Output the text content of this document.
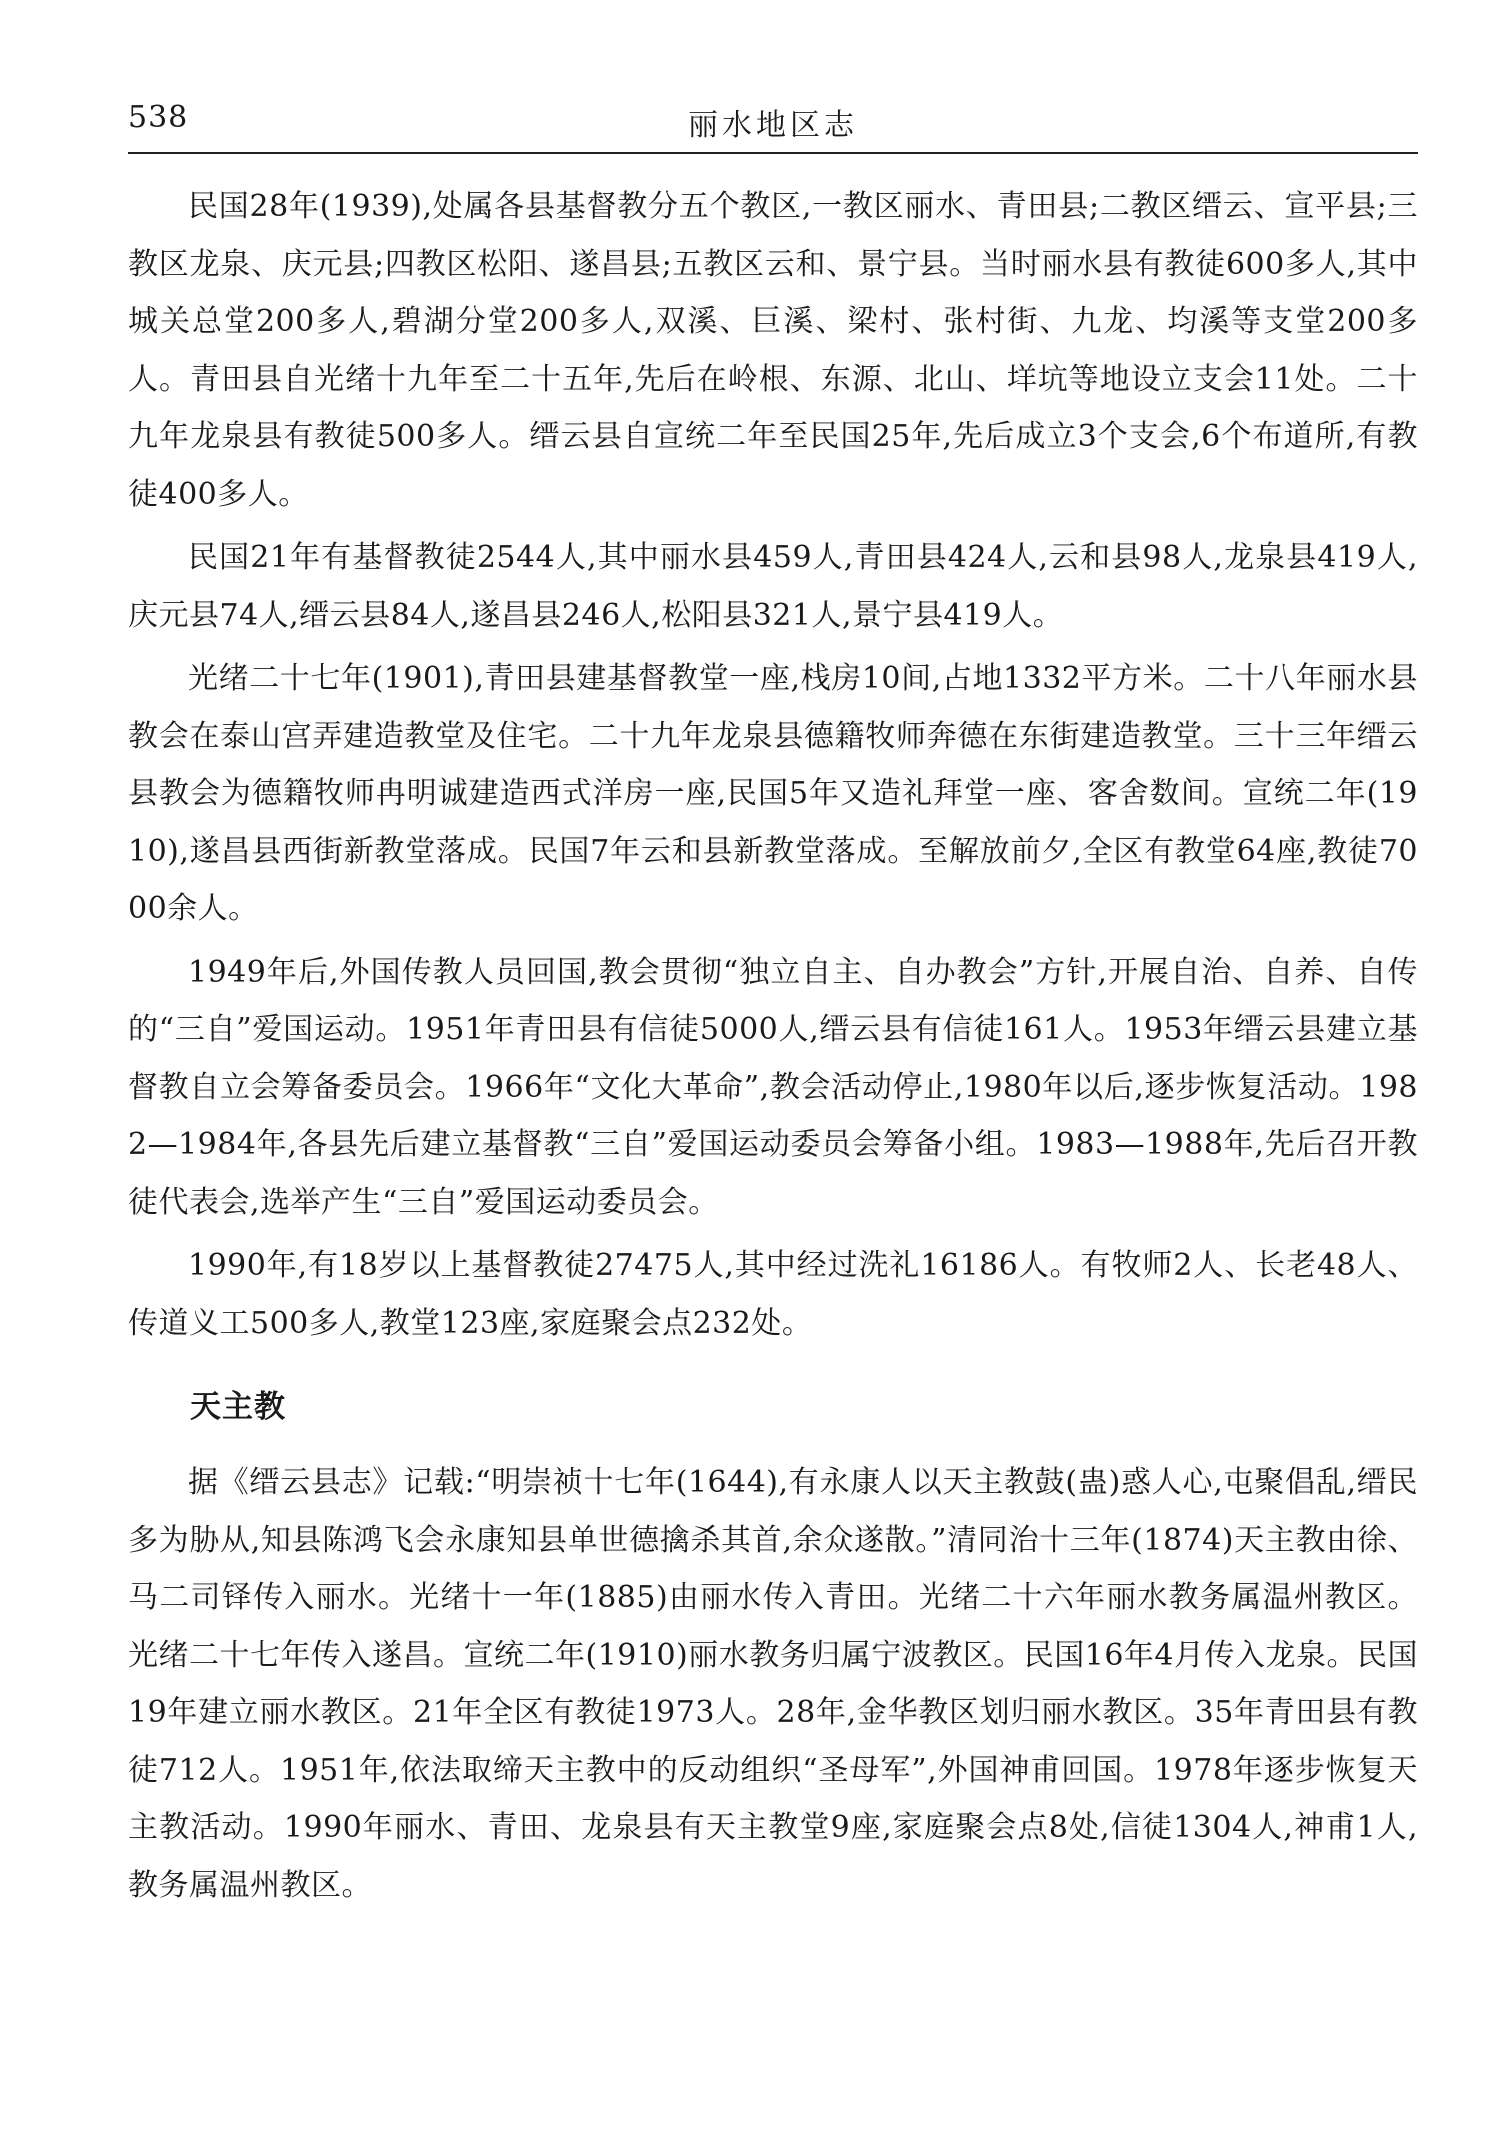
538	丽水地区志

民国28年(1939),处属各县基督教分五个教区,一教区丽水、青田县;二教区缙云、宣平县;三教区龙泉、庆元县;四教区松阳、遂昌县;五教区云和、景宁县。当时丽水县有教徒600多人,其中城关总堂200多人,碧湖分堂200多人,双溪、巨溪、梁村、张村街、九龙、均溪等支堂200多人。青田县自光绪十九年至二十五年,先后在岭根、东源、北山、垟坑等地设立支会11处。二十九年龙泉县有教徒500多人。缙云县自宣统二年至民国25年,先后成立3个支会,6个布道所,有教徒400多人。

民国21年有基督教徒2544人,其中丽水县459人,青田县424人,云和县98人,龙泉县419人,庆元县74人,缙云县84人,遂昌县246人,松阳县321人,景宁县419人。

光绪二十七年(1901),青田县建基督教堂一座,栈房10间,占地1332平方米。二十八年丽水县教会在泰山宫弄建造教堂及住宅。二十九年龙泉县德籍牧师奔德在东街建造教堂。三十三年缙云县教会为德籍牧师冉明诚建造西式洋房一座,民国5年又造礼拜堂一座、客舍数间。宣统二年(1910),遂昌县西街新教堂落成。民国7年云和县新教堂落成。至解放前夕,全区有教堂64座,教徒7000余人。

1949年后,外国传教人员回国,教会贯彻“独立自主、自办教会”方针,开展自治、自养、自传的“三自”爱国运动。1951年青田县有信徒5000人,缙云县有信徒161人。1953年缙云县建立基督教自立会筹备委员会。1966年“文化大革命”,教会活动停止,1980年以后,逐步恢复活动。1982—1984年,各县先后建立基督教“三自”爱国运动委员会筹备小组。1983—1988年,先后召开教徒代表会,选举产生“三自”爱国运动委员会。

1990年,有18岁以上基督教徒27475人,其中经过洗礼16186人。有牧师2人、长老48人、传道义工500多人,教堂123座,家庭聚会点232处。

天主教

据《缙云县志》记载:“明崇祯十七年(1644),有永康人以天主教鼓(蛊)惑人心,屯聚倡乱,缙民多为胁从,知县陈鸿飞会永康知县单世德擒杀其首,余众遂散。”清同治十三年(1874)天主教由徐、马二司铎传入丽水。光绪十一年(1885)由丽水传入青田。光绪二十六年丽水教务属温州教区。光绪二十七年传入遂昌。宣统二年(1910)丽水教务归属宁波教区。民国16年4月传入龙泉。民国19年建立丽水教区。21年全区有教徒1973人。28年,金华教区划归丽水教区。35年青田县有教徒712人。1951年,依法取缔天主教中的反动组织“圣母军”,外国神甫回国。1978年逐步恢复天主教活动。1990年丽水、青田、龙泉县有天主教堂9座,家庭聚会点8处,信徒1304人,神甫1人,教务属温州教区。
